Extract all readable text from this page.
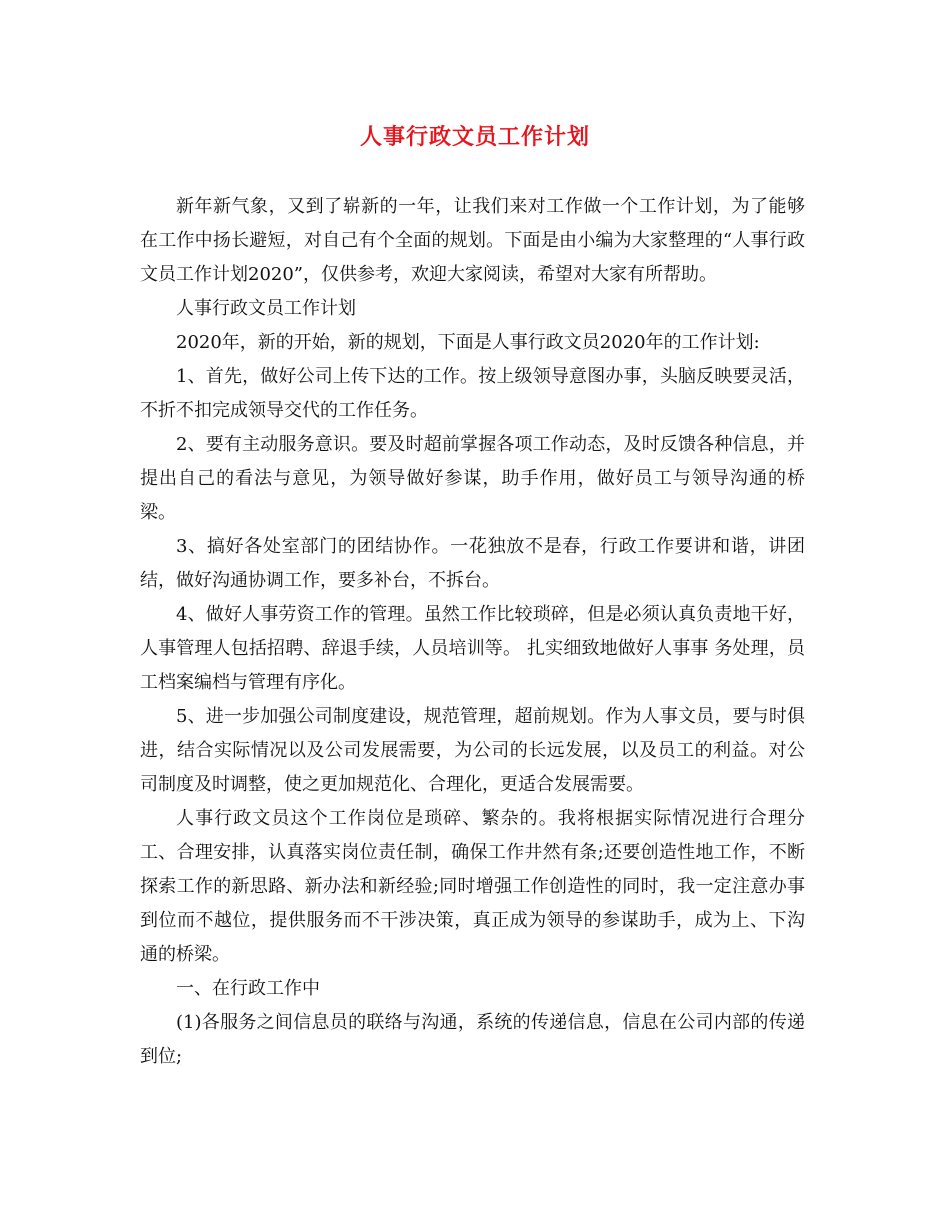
人事行政文员工作计划

新年新气象，又到了崭新的一年，让我们来对工作做一个工作计划，为了能够在工作中扬长避短，对自己有个全面的规划。下面是由小编为大家整理的“人事行政文员工作计划2020”，仅供参考，欢迎大家阅读，希望对大家有所帮助。

人事行政文员工作计划

2020年，新的开始，新的规划，下面是人事行政文员2020年的工作计划:

1、首先，做好公司上传下达的工作。按上级领导意图办事，头脑反映要灵活，不折不扣完成领导交代的工作任务。

2、要有主动服务意识。要及时超前掌握各项工作动态，及时反馈各种信息，并提出自己的看法与意见，为领导做好参谋，助手作用，做好员工与领导沟通的桥梁。

3、搞好各处室部门的团结协作。一花独放不是春，行政工作要讲和谐，讲团结，做好沟通协调工作，要多补台，不拆台。

4、做好人事劳资工作的管理。虽然工作比较琐碎，但是必须认真负责地干好，人事管理人包括招聘、辞退手续，人员培训等。 扎实细致地做好人事事 务处理，员工档案编档与管理有序化。

5、进一步加强公司制度建设，规范管理，超前规划。作为人事文员，要与时俱进，结合实际情况以及公司发展需要，为公司的长远发展，以及员工的利益。对公司制度及时调整，使之更加规范化、合理化，更适合发展需要。

人事行政文员这个工作岗位是琐碎、繁杂的。我将根据实际情况进行合理分工、合理安排，认真落实岗位责任制，确保工作井然有条;还要创造性地工作，不断探索工作的新思路、新办法和新经验;同时增强工作创造性的同时，我一定注意办事到位而不越位，提供服务而不干涉决策，真正成为领导的参谋助手，成为上、下沟通的桥梁。

一、在行政工作中

(1)各服务之间信息员的联络与沟通，系统的传递信息，信息在公司内部的传递到位;
